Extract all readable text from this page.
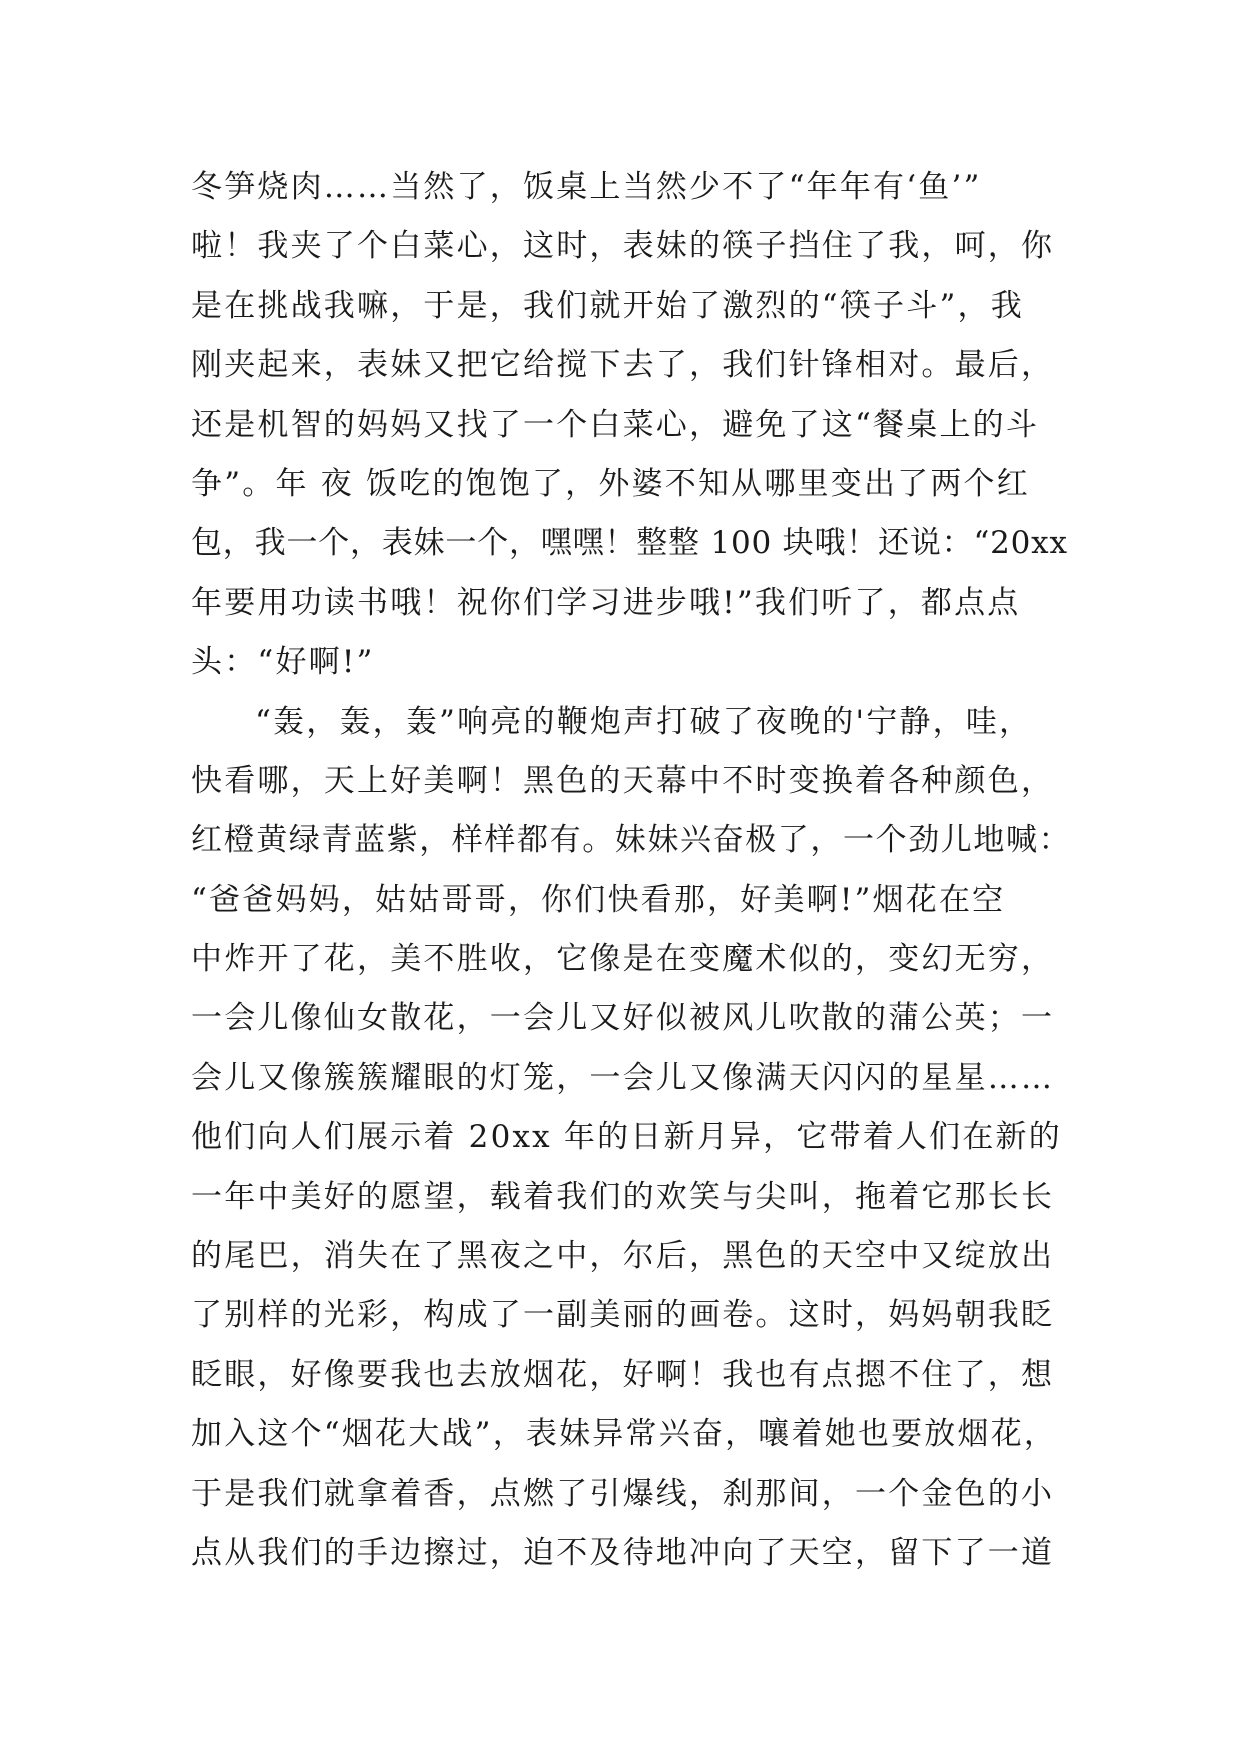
冬笋烧肉……当然了，饭桌上当然少不了“年年有‘鱼’”
啦！我夹了个白菜心，这时，表妹的筷子挡住了我，呵，你
是在挑战我嘛，于是，我们就开始了激烈的“筷子斗”，我
刚夹起来，表妹又把它给搅下去了，我们针锋相对。最后，
还是机智的妈妈又找了一个白菜心，避免了这“餐桌上的斗
争”。年 夜 饭吃的饱饱了，外婆不知从哪里变出了两个红
包，我一个，表妹一个，嘿嘿！整整 100 块哦！还说：“20xx
年要用功读书哦！祝你们学习进步哦!”我们听了，都点点
头：“好啊!”
“轰，轰，轰”响亮的鞭炮声打破了夜晚的'宁静，哇，
快看哪，天上好美啊！黑色的天幕中不时变换着各种颜色，
红橙黄绿青蓝紫，样样都有。妹妹兴奋极了，一个劲儿地喊：
“爸爸妈妈，姑姑哥哥，你们快看那，好美啊!”烟花在空
中炸开了花，美不胜收，它像是在变魔术似的，变幻无穷，
一会儿像仙女散花，一会儿又好似被风儿吹散的蒲公英；一
会儿又像簇簇耀眼的灯笼，一会儿又像满天闪闪的星星……
他们向人们展示着 20xx 年的日新月异，它带着人们在新的
一年中美好的愿望，载着我们的欢笑与尖叫，拖着它那长长
的尾巴，消失在了黑夜之中，尔后，黑色的天空中又绽放出
了别样的光彩，构成了一副美丽的画卷。这时，妈妈朝我眨
眨眼，好像要我也去放烟花，好啊！我也有点摁不住了，想
加入这个“烟花大战”，表妹异常兴奋，嚷着她也要放烟花，
于是我们就拿着香，点燃了引爆线，刹那间，一个金色的小
点从我们的手边擦过，迫不及待地冲向了天空，留下了一道
